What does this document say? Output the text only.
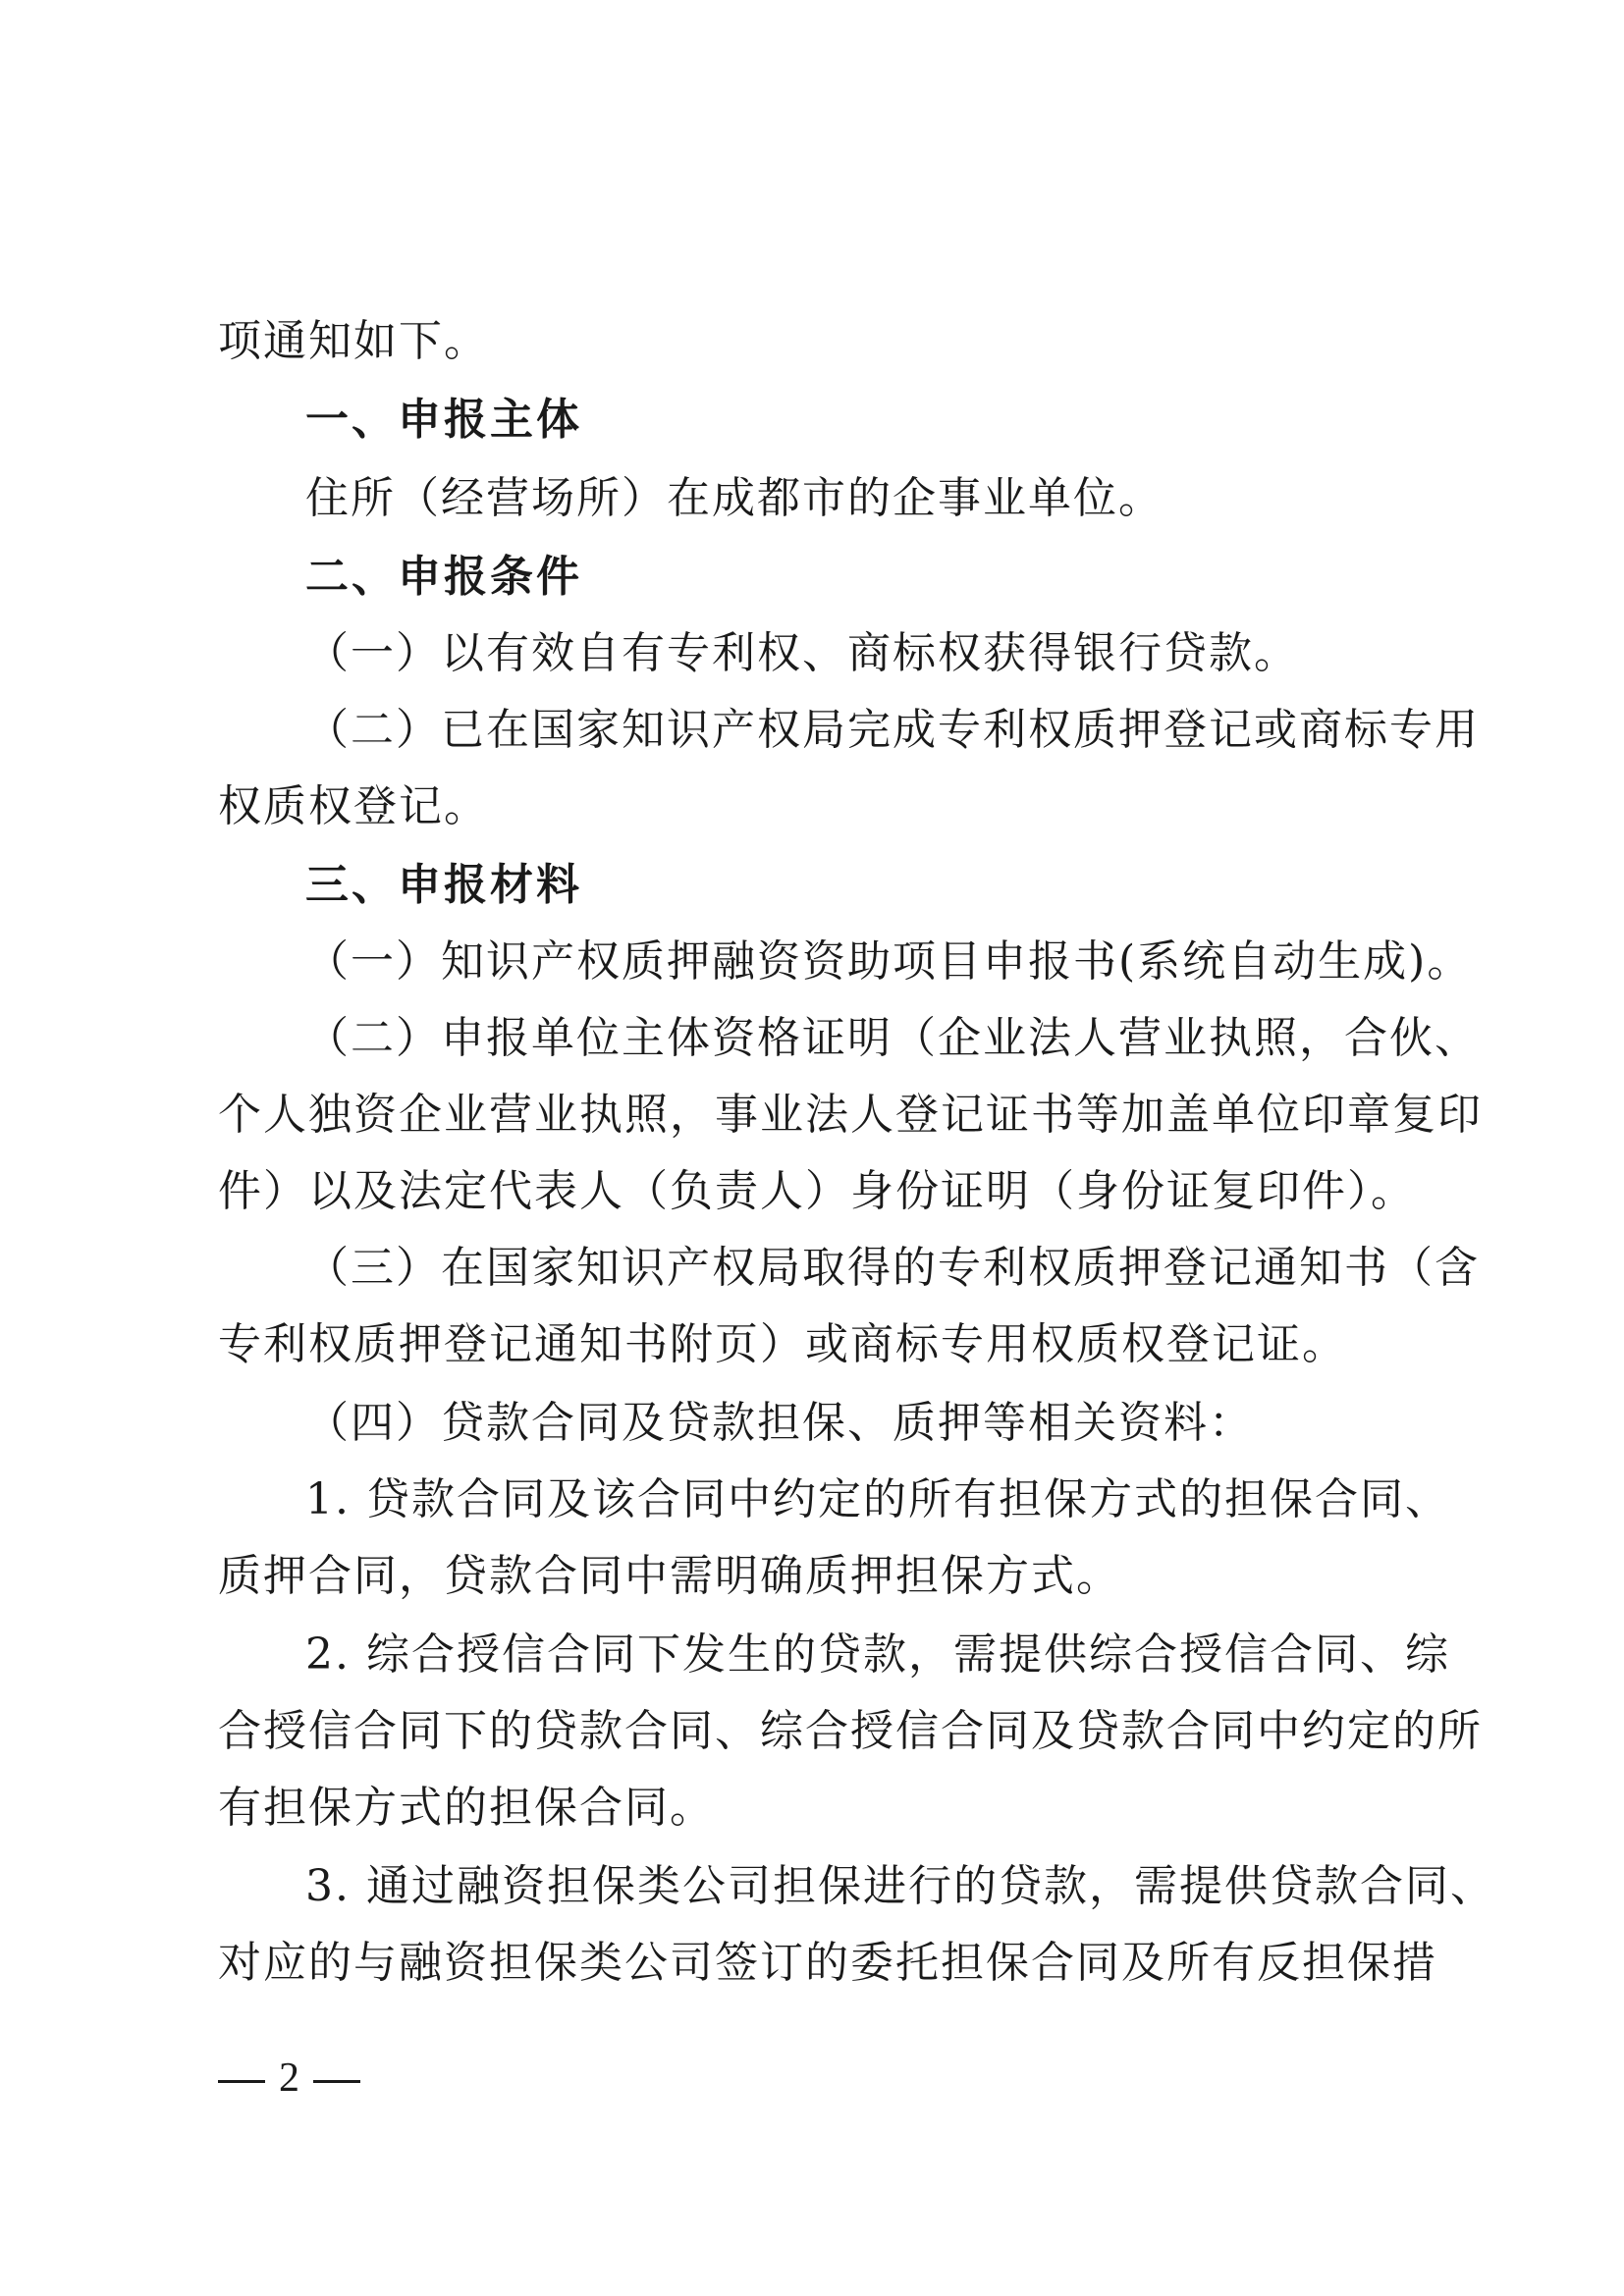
项通知如下。
一、申报主体
住所（经营场所）在成都市的企事业单位。
二、申报条件
（一）以有效自有专利权、商标权获得银行贷款。
（二）已在国家知识产权局完成专利权质押登记或商标专用
权质权登记。
三、申报材料
（一）知识产权质押融资资助项目申报书(系统自动生成)。
（二）申报单位主体资格证明（企业法人营业执照，合伙、
个人独资企业营业执照，事业法人登记证书等加盖单位印章复印
件）以及法定代表人（负责人）身份证明（身份证复印件）。
（三）在国家知识产权局取得的专利权质押登记通知书（含
专利权质押登记通知书附页）或商标专用权质权登记证。
（四）贷款合同及贷款担保、质押等相关资料：
1. 贷款合同及该合同中约定的所有担保方式的担保合同、
质押合同，贷款合同中需明确质押担保方式。
2. 综合授信合同下发生的贷款，需提供综合授信合同、综
合授信合同下的贷款合同、综合授信合同及贷款合同中约定的所
有担保方式的担保合同。
3. 通过融资担保类公司担保进行的贷款，需提供贷款合同、
对应的与融资担保类公司签订的委托担保合同及所有反担保措
2
